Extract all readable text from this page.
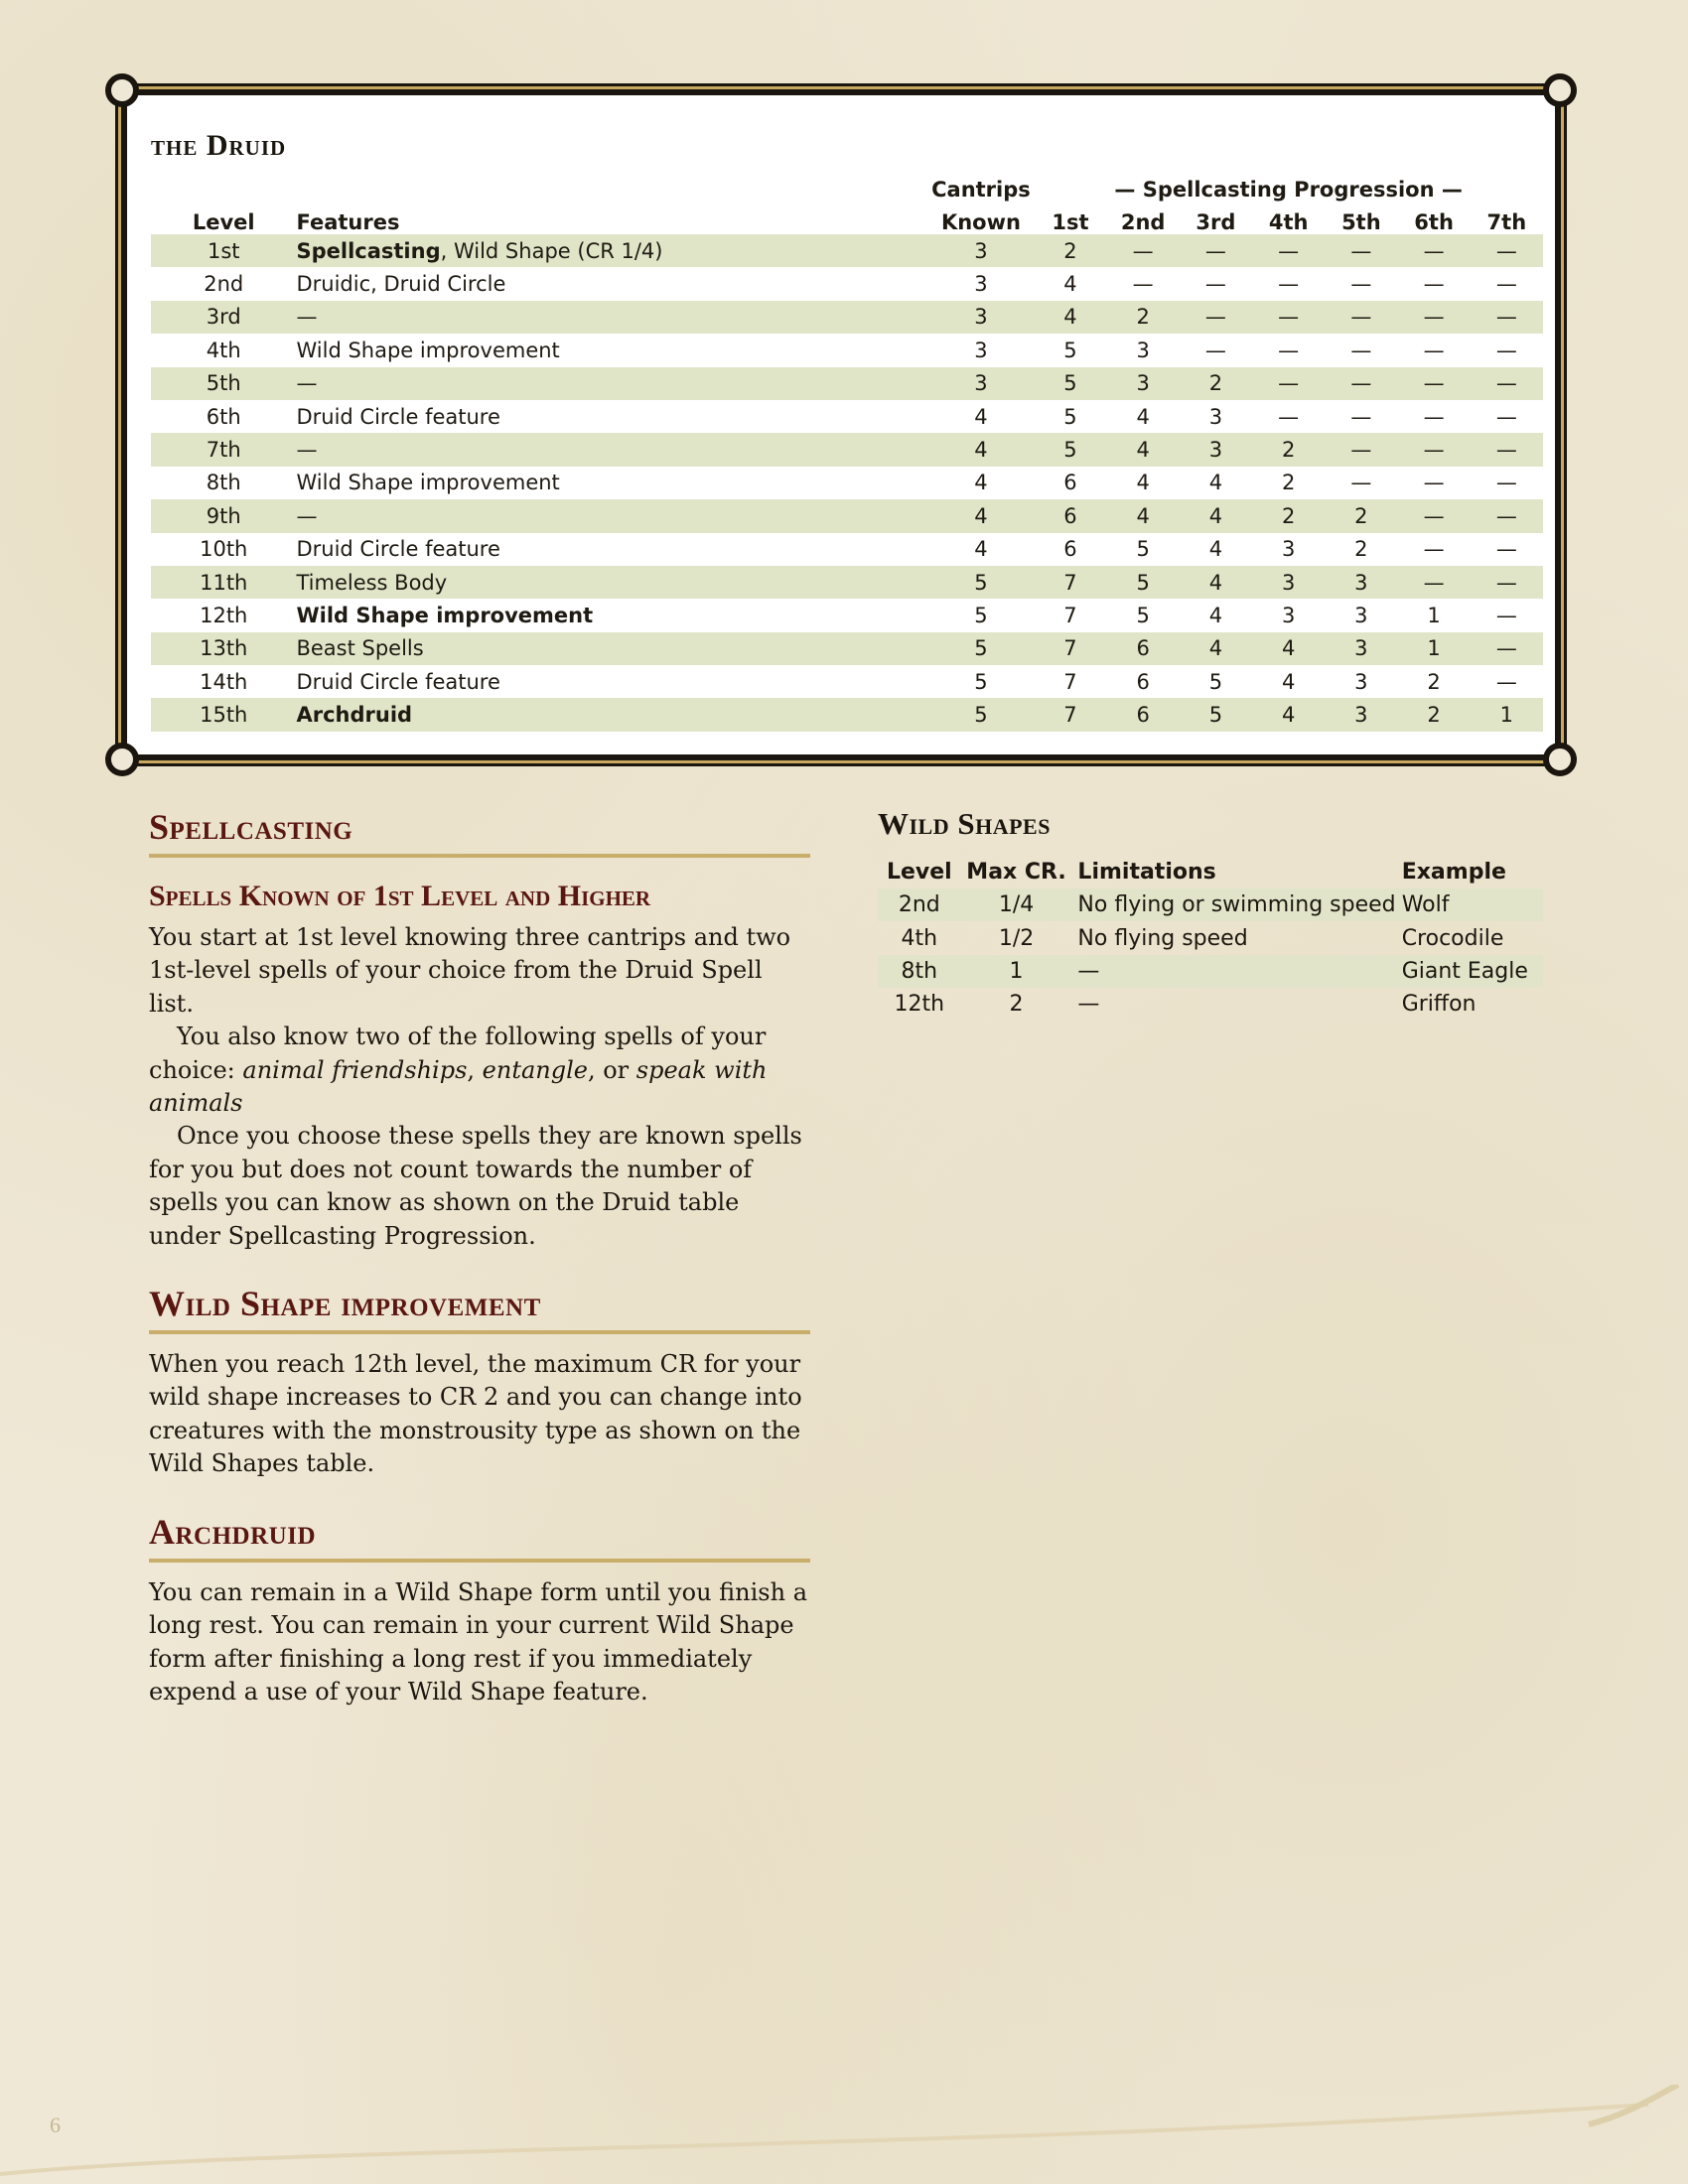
the Druid
		Cantrips	— Spellcasting Progression —						
Level	Features	Known	1st	2nd	3rd	4th	5th	6th	7th
1st	Spellcasting, Wild Shape (CR 1/4)	3	2	—	—	—	—	—	—
2nd	Druidic, Druid Circle	3	4	—	—	—	—	—	—
3rd	—	3	4	2	—	—	—	—	—
4th	Wild Shape improvement	3	5	3	—	—	—	—	—
5th	—	3	5	3	2	—	—	—	—
6th	Druid Circle feature	4	5	4	3	—	—	—	—
7th	—	4	5	4	3	2	—	—	—
8th	Wild Shape improvement	4	6	4	4	2	—	—	—
9th	—	4	6	4	4	2	2	—	—
10th	Druid Circle feature	4	6	5	4	3	2	—	—
11th	Timeless Body	5	7	5	4	3	3	—	—
12th	Wild Shape improvement	5	7	5	4	3	3	1	—
13th	Beast Spells	5	7	6	4	4	3	1	—
14th	Druid Circle feature	5	7	6	5	4	3	2	—
15th	Archdruid	5	7	6	5	4	3	2	1
Spellcasting
Spells Known of 1st Level and Higher

You start at 1st level knowing three cantrips and two 1st-level spells of your choice from the Druid Spell list.

You also know two of the following spells of your choice: animal friendships, entangle, or speak with animals

Once you choose these spells they are known spells for you but does not count towards the number of spells you can know as shown on the Druid table under Spellcasting Progression.

Wild Shape improvement

When you reach 12th level, the maximum CR for your wild shape increases to CR 2 and you can change into creatures with the monstrousity type as shown on the Wild Shapes table.

Archdruid

You can remain in a Wild Shape form until you finish a long rest. You can remain in your current Wild Shape form after finishing a long rest if you immediately expend a use of your Wild Shape feature.

Wild Shapes
Level	Max CR.	Limitations	Example
2nd	1/4	No flying or swimming speed	Wolf
4th	1/2	No flying speed	Crocodile
8th	1	—	Giant Eagle
12th	2	—	Griffon
6
